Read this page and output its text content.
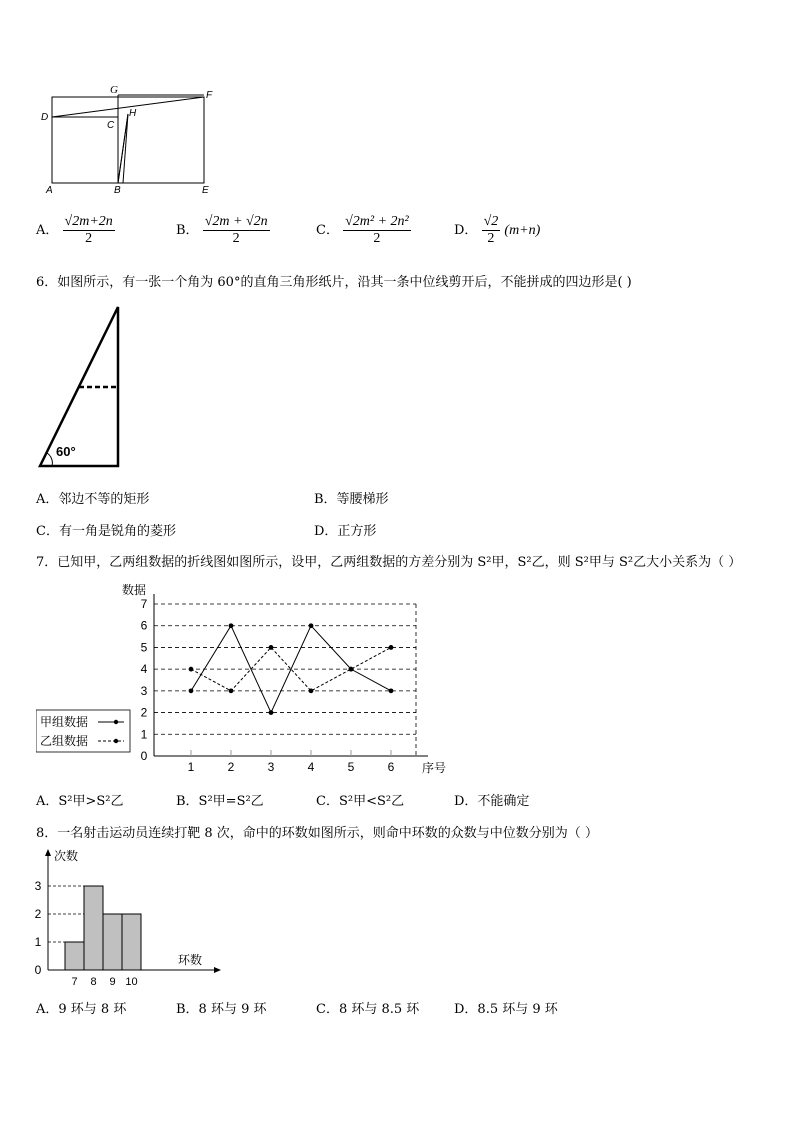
G	F
D
C
H
A	B	E
A． $\frac{√2m+2n}{2}$	B． $\frac{√2m + √2n}{2}$	C． $\frac{\text{√2m² + 2n²}}{2}$	D． $\frac{√2}{2} (m+n)$
6．如图所示，有一张一个角为 60°的直角三角形纸片，沿其一条中位线剪开后，不能拼成的四边形是( )
60°
A．邻边不等的矩形	B．等腰梯形
C．有一角是锐角的菱形	D．正方形
7．已知甲，乙两组数据的折线图如图所示，设甲，乙两组数据的方差分别为 S²甲，S²乙，则 S²甲与 S²乙大小关系为（ ）
数据
序号
0
1
2
3
4
5
6
7
1	2	3	4	5	6
甲组数据
乙组数据
A．S²甲>S²乙	B．S²甲=S²乙	C．S²甲<S²乙	D．不能确定
8．一名射击运动员连续打靶 8 次，命中的环数如图所示，则命中环数的众数与中位数分别为（ ）
次数
环数
0
1
2
3
7 8 9 10
A．9 环与 8 环	B．8 环与 9 环	C．8 环与 8.5 环	D．8.5 环与 9 环
